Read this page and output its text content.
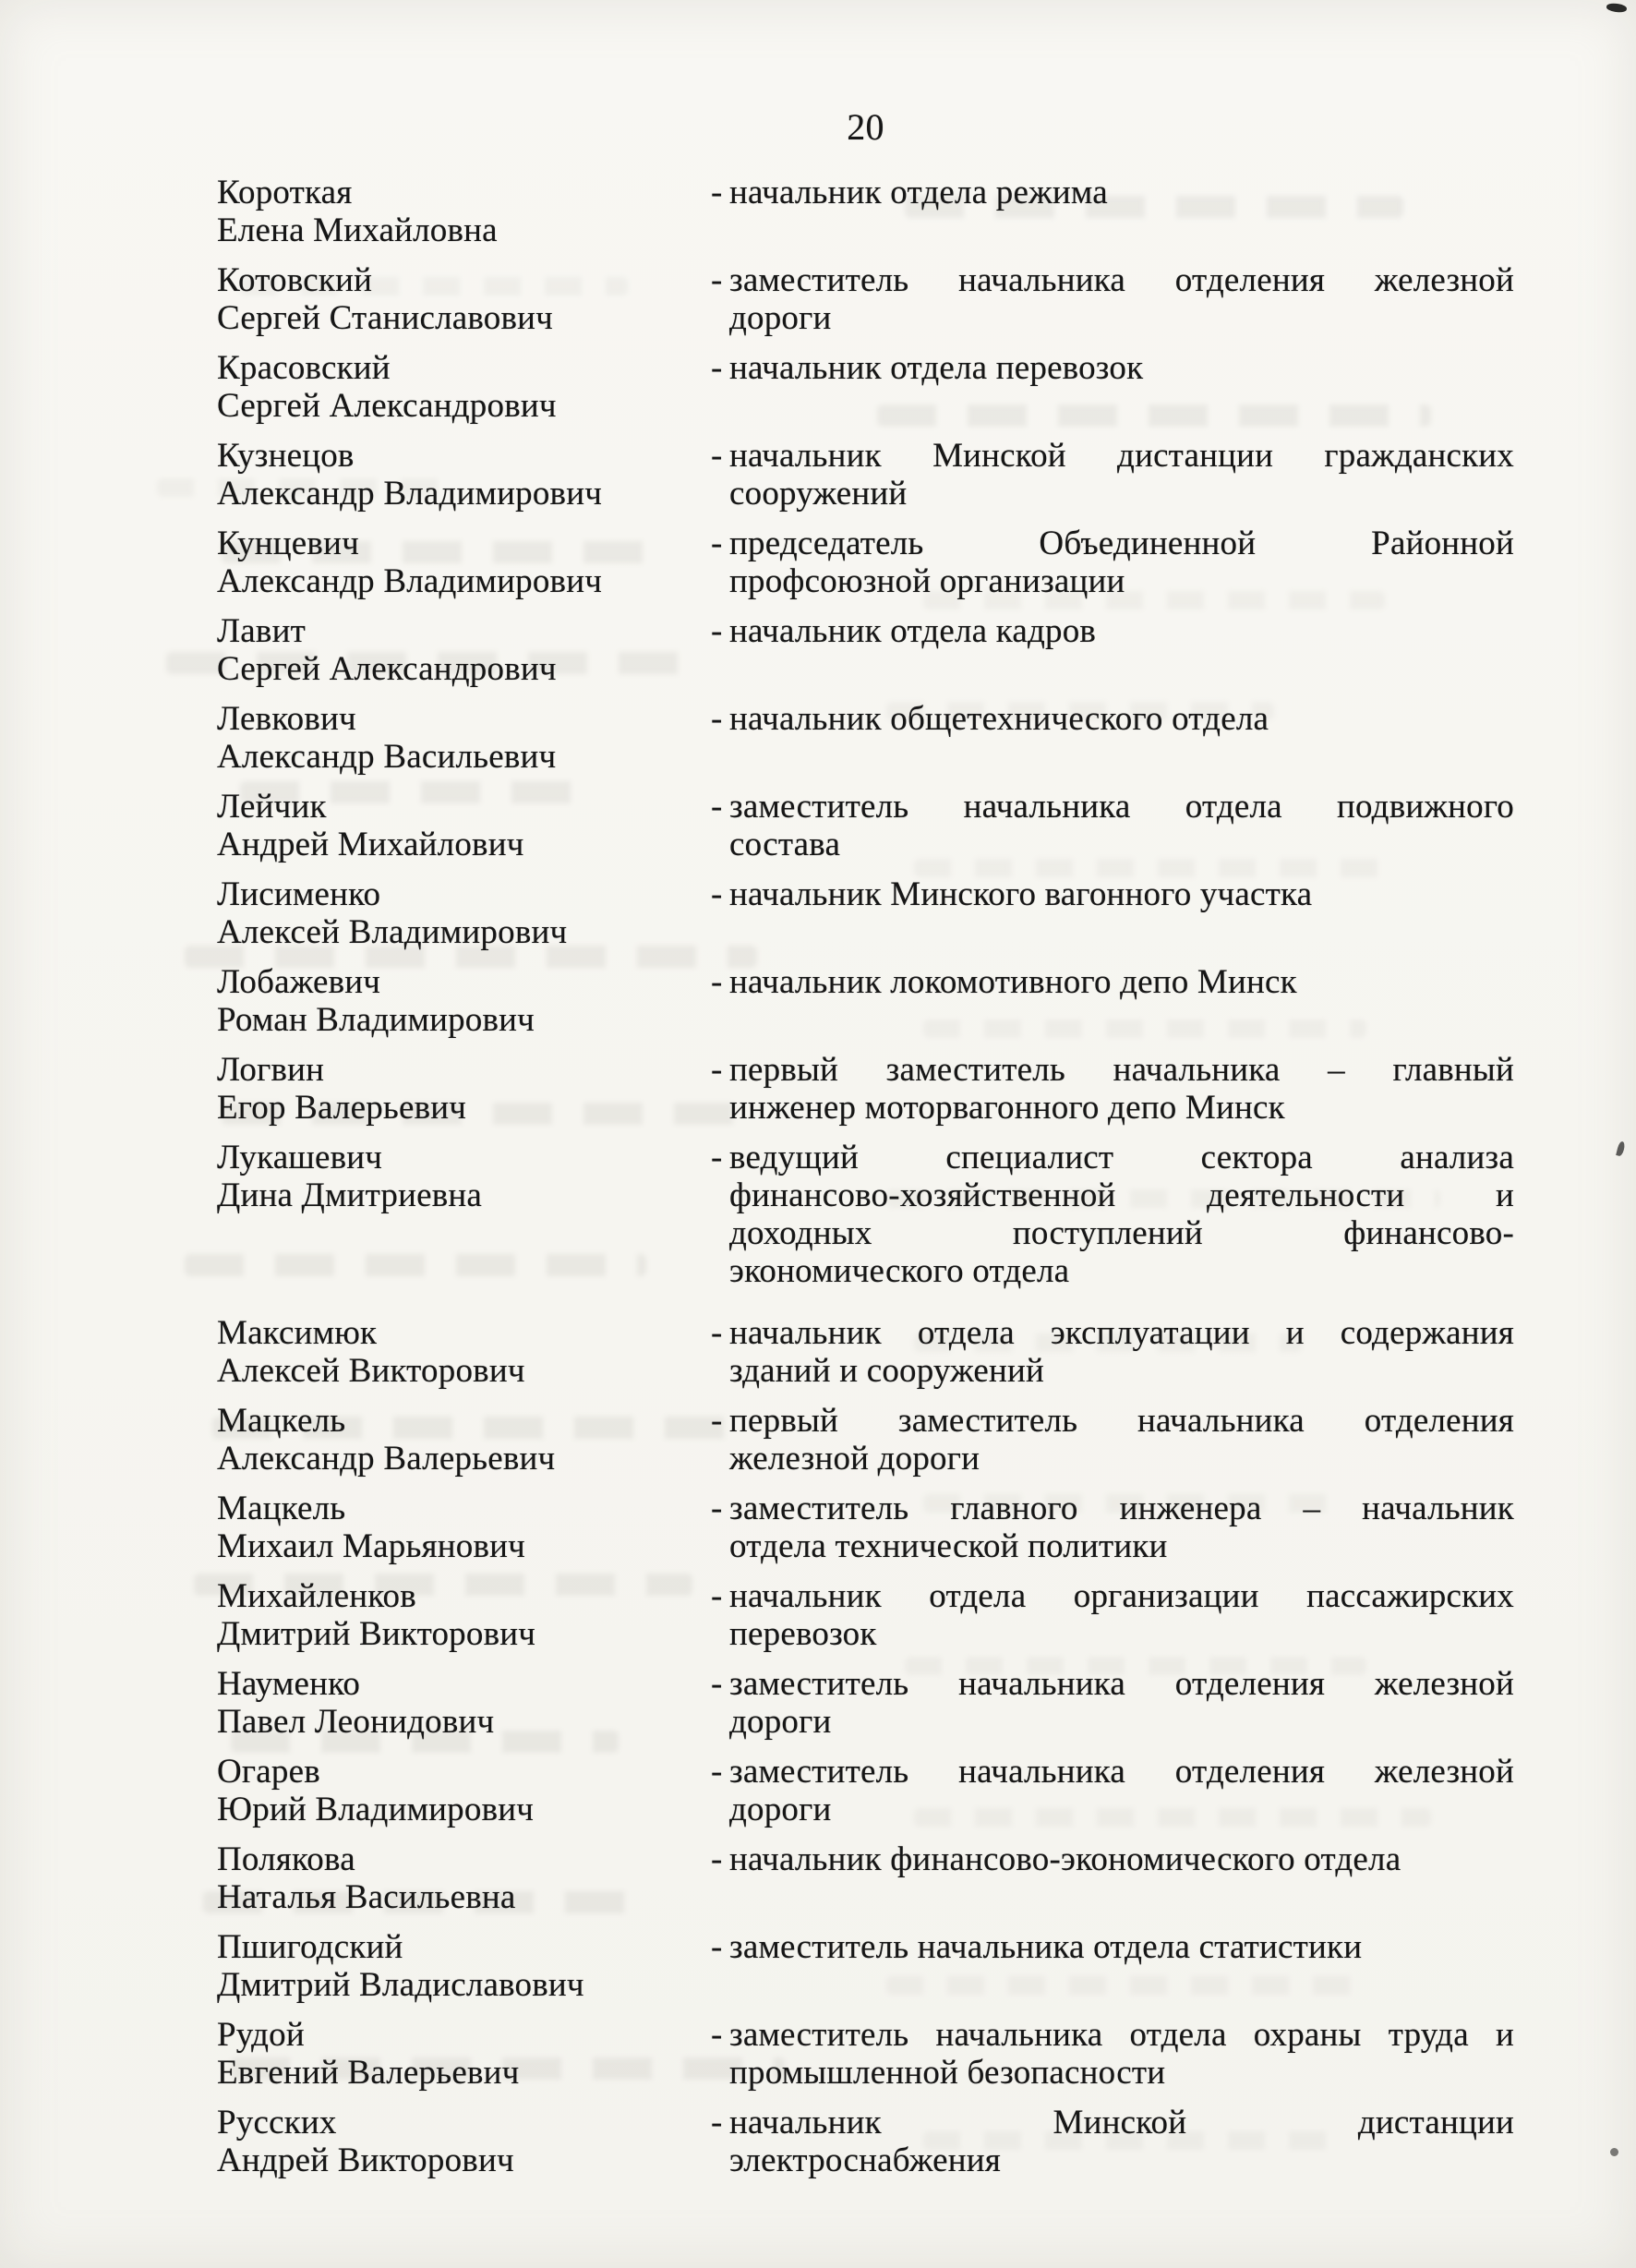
20
Короткая
Елена Михайловна
- начальник отдела режима
Котовский
Сергей Станиславович
- заместитель начальника отделения железной
дороги
Красовский
Сергей Александрович
- начальник отдела перевозок
Кузнецов
Александр Владимирович
- начальник Минской дистанции гражданских
сооружений
Кунцевич
Александр Владимирович
- председатель Объединенной Районной
профсоюзной организации
Лавит
Сергей Александрович
- начальник отдела кадров
Левкович
Александр Васильевич
- начальник общетехнического отдела
Лейчик
Андрей Михайлович
- заместитель начальника отдела подвижного
состава
Лисименко
Алексей Владимирович
- начальник Минского вагонного участка
Лобажевич
Роман Владимирович
- начальник локомотивного депо Минск
Логвин
Егор Валерьевич
- первый заместитель начальника – главный
инженер моторвагонного депо Минск
Лукашевич
Дина Дмитриевна
- ведущий специалист сектора анализа
финансово-хозяйственной деятельности и
доходных поступлений финансово-
экономического отдела
Максимюк
Алексей Викторович
- начальник отдела эксплуатации и содержания
зданий и сооружений
Мацкель
Александр Валерьевич
- первый заместитель начальника отделения
железной дороги
Мацкель
Михаил Марьянович
- заместитель главного инженера – начальник
отдела технической политики
Михайленков
Дмитрий Викторович
- начальник отдела организации пассажирских
перевозок
Науменко
Павел Леонидович
- заместитель начальника отделения железной
дороги
Огарев
Юрий Владимирович
- заместитель начальника отделения железной
дороги
Полякова
Наталья Васильевна
- начальник финансово-экономического отдела
Пшигодский
Дмитрий Владиславович
- заместитель начальника отдела статистики
Рудой
Евгений Валерьевич
- заместитель начальника отдела охраны труда и
промышленной безопасности
Русских
Андрей Викторович
- начальник Минской дистанции
электроснабжения
